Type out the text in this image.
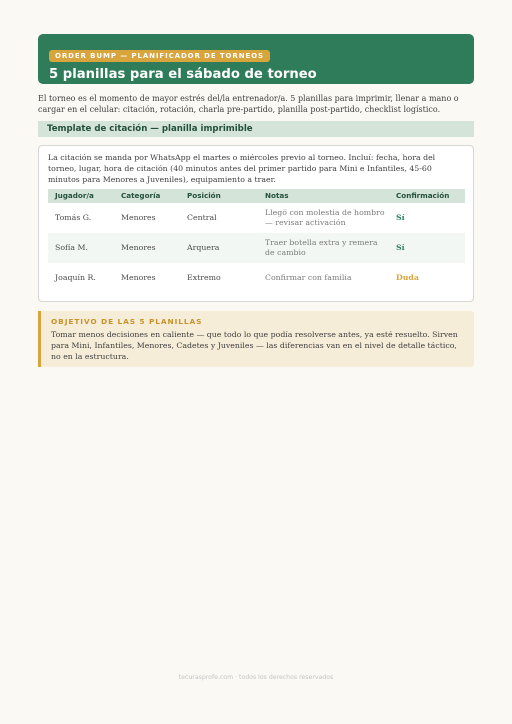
ORDER BUMP — PLANIFICADOR DE TORNEOS
5 planillas para el sábado de torneo

El torneo es el momento de mayor estrés del/la entrenador/a. 5 planillas para imprimir, llenar a mano o cargar en el celular: citación, rotación, charla pre-partido, planilla post-partido, checklist logístico.

Template de citación — planilla imprimible

La citación se manda por WhatsApp el martes o miércoles previo al torneo. Incluí: fecha, hora del torneo, lugar, hora de citación (40 minutos antes del primer partido para Mini e Infantiles, 45-60 minutos para Menores a Juveniles), equipamiento a traer.

Jugador/a	Categoría	Posición	Notas	Confirmación
Tomás G.	Menores	Central	Llegó con molestia de hombro — revisar activación	Sí
Sofía M.	Menores	Arquera	Traer botella extra y remera de cambio	Sí
Joaquín R.	Menores	Extremo	Confirmar con familia	Duda
OBJETIVO DE LAS 5 PLANILLAS

Tomar menos decisiones en caliente — que todo lo que podía resolverse antes, ya esté resuelto. Sirven para Mini, Infantiles, Menores, Cadetes y Juveniles — las diferencias van en el nivel de detalle táctico, no en la estructura.

tecurasprofe.com · todos los derechos reservados
